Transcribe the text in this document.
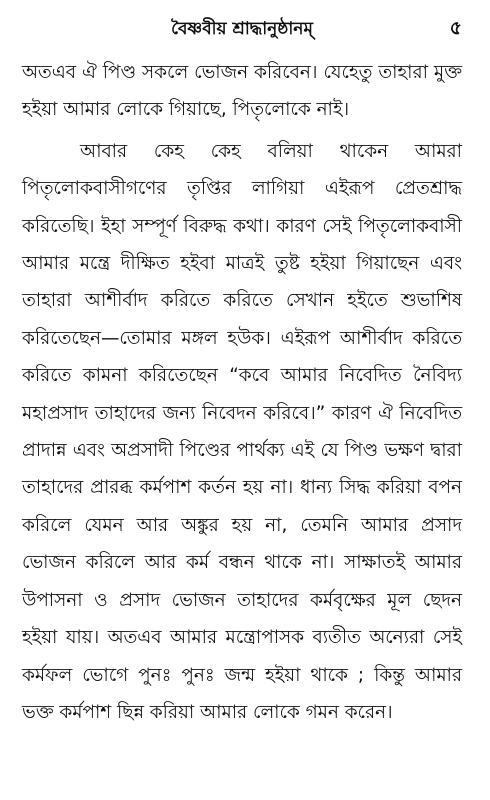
বৈষ্ণবীয় শ্রাদ্ধানুষ্ঠানম্‌	৫

অতএব ঐ পিণ্ড সকলে ভোজন করিবেন। যেহেতু তাহারা মুক্ত হইয়া আমার লোকে গিয়াছে, পিতৃলোকে নাই।

আবার কেহ কেহ বলিয়া থাকেন আমরা পিতৃলোকবাসীগণের তৃপ্তির লাগিয়া এইরূপ প্রেতশ্রাদ্ধ করিতেছি। ইহা সম্পূর্ণ বিরুদ্ধ কথা। কারণ সেই পিতৃলোকবাসী আমার মন্ত্রে দীক্ষিত হইবা মাত্রই তুষ্ট হইয়া গিয়াছেন এবং তাহারা আশীর্বাদ করিতে করিতে সেখান হইতে শুভাশিষ করিতেছেন—তোমার মঙ্গল হউক। এইরূপ আশীর্বাদ করিতে করিতে কামনা করিতেছেন “কবে আমার নিবেদিত নৈবিদ্য মহাপ্রসাদ তাহাদের জন্য নিবেদন করিবে।” কারণ ঐ নিবেদিত প্রাদান্ন এবং অপ্রসাদী পিণ্ডের পার্থক্য এই যে পিণ্ড ভক্ষণ দ্বারা তাহাদের প্রারব্ধ কর্মপাশ কর্তন হয় না। ধান্য সিদ্ধ করিয়া বপন করিলে যেমন আর অঙ্কুর হয় না, তেমনি আমার প্রসাদ ভোজন করিলে আর কর্ম বন্ধন থাকে না। সাক্ষাতই আমার উপাসনা ও প্রসাদ ভোজন তাহাদের কর্মবৃক্ষের মূল ছেদন হইয়া যায়। অতএব আমার মন্ত্রোপাসক ব্যতীত অন্যেরা সেই কর্মফল ভোগে পুনঃ পুনঃ জন্ম হইয়া থাকে ; কিন্তু আমার ভক্ত কর্মপাশ ছিন্ন করিয়া আমার লোকে গমন করেন।
